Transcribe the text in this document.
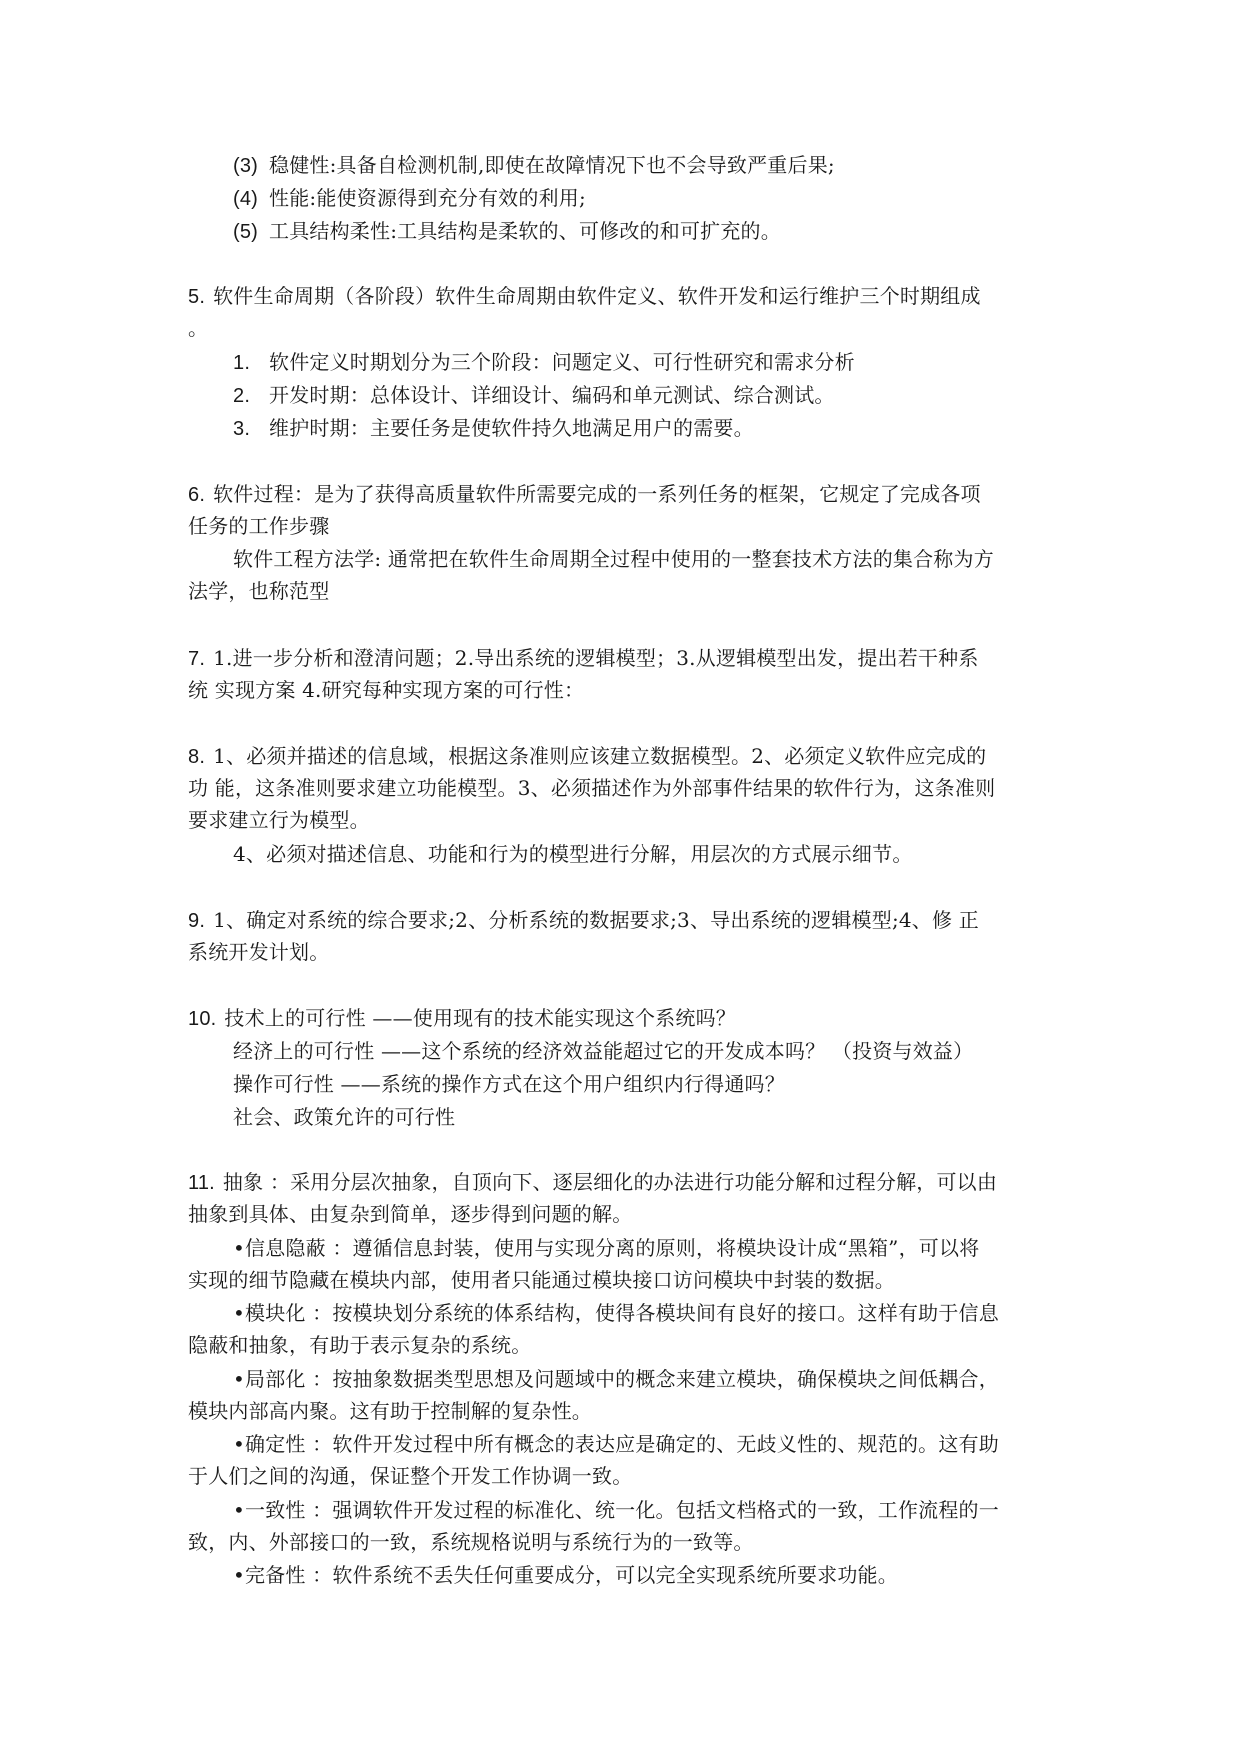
(3) 稳健性:具备自检测机制,即使在故障情况下也不会导致严重后果;
(4) 性能:能使资源得到充分有效的利用;
(5) 工具结构柔性:工具结构是柔软的、可修改的和可扩充的。
5. 软件生命周期（各阶段）软件生命周期由软件定义、软件开发和运行维护三个时期组成
。
1. 软件定义时期划分为三个阶段：问题定义、可行性研究和需求分析
2. 开发时期：总体设计、详细设计、编码和单元测试、综合测试。
3. 维护时期：主要任务是使软件持久地满足用户的需要。
6. 软件过程：是为了获得高质量软件所需要完成的一系列任务的框架，它规定了完成各项
任务的工作步骤
软件工程方法学: 通常把在软件生命周期全过程中使用的一整套技术方法的集合称为方
法学，也称范型
7. 1.进一步分析和澄清问题；2.导出系统的逻辑模型；3.从逻辑模型出发，提出若干种系
统 实现方案 4.研究每种实现方案的可行性：
8. 1、必须并描述的信息域，根据这条准则应该建立数据模型。2、必须定义软件应完成的
功 能，这条准则要求建立功能模型。3、必须描述作为外部事件结果的软件行为，这条准则
要求建立行为模型。
4、必须对描述信息、功能和行为的模型进行分解，用层次的方式展示细节。
9. 1、确定对系统的综合要求;2、分析系统的数据要求;3、导出系统的逻辑模型;4、修 正
系统开发计划。
10. 技术上的可行性 ——使用现有的技术能实现这个系统吗？
经济上的可行性 ——这个系统的经济效益能超过它的开发成本吗？ （投资与效益）
操作可行性 ——系统的操作方式在这个用户组织内行得通吗？
社会、政策允许的可行性
11. 抽象 ：采用分层次抽象，自顶向下、逐层细化的办法进行功能分解和过程分解，可以由
抽象到具体、由复杂到简单，逐步得到问题的解。
•信息隐蔽 ：遵循信息封装，使用与实现分离的原则，将模块设计成“黑箱”，可以将
实现的细节隐藏在模块内部，使用者只能通过模块接口访问模块中封装的数据。
•模块化 ：按模块划分系统的体系结构，使得各模块间有良好的接口。这样有助于信息
隐蔽和抽象，有助于表示复杂的系统。
•局部化 ：按抽象数据类型思想及问题域中的概念来建立模块，确保模块之间低耦合，
模块内部高内聚。这有助于控制解的复杂性。
•确定性 ：软件开发过程中所有概念的表达应是确定的、无歧义性的、规范的。这有助
于人们之间的沟通，保证整个开发工作协调一致。
•一致性 ：强调软件开发过程的标准化、统一化。包括文档格式的一致，工作流程的一
致，内、外部接口的一致，系统规格说明与系统行为的一致等。
•完备性 ：软件系统不丢失任何重要成分，可以完全实现系统所要求功能。
